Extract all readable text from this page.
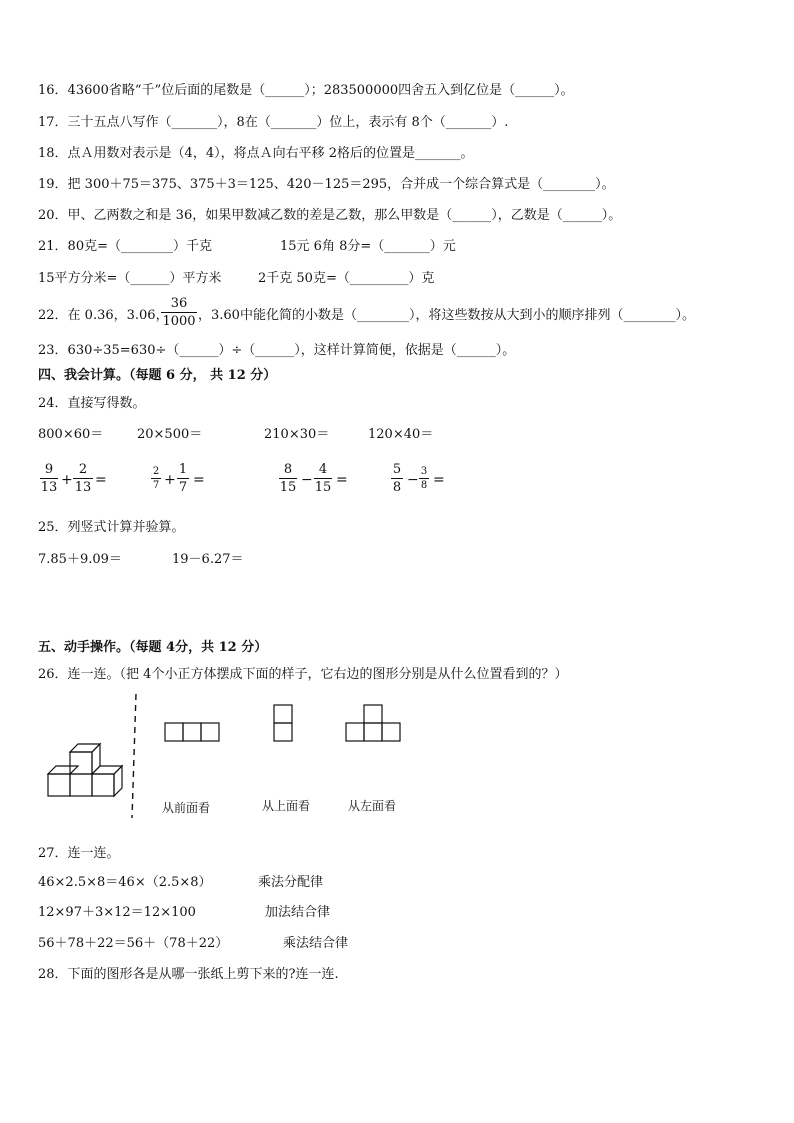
16．43600省略“千”位后面的尾数是（______）；283500000四舍五入到亿位是（______）。
17．三十五点八写作（_______），8在（_______）位上，表示有 8个（_______）.
18．点Ａ用数对表示是（4，4），将点Ａ向右平移 2格后的位置是_______。
19．把 300＋75＝375、375＋3＝125、420－125＝295，合并成一个综合算式是（________）。
20．甲、乙两数之和是 36，如果甲数减乙数的差是乙数，那么甲数是（______），乙数是（______）。
21．80克=（________）千克	15元 6角 8分=（_______）元
15平方分米=（______）平方米	2千克 50克=（_________）克
22．在 0.36，3.06，
36
1000 ，3.60中能化简的小数是（________），将这些数按从大到小的顺序排列（________）。
23．630÷35=630÷（______）÷（______），这样计算简便，依据是（______）。
四、我会计算。（每题 6 分， 共 12 分）
24．直接写得数。
800×60＝	20×500＝	210×30＝	120×40＝
9
13 +
2
13 =
2
7 +
1
7 =
8
15 −
4
15 =
5
8 −
3
8 =
25．列竖式计算并验算。
7.85＋9.09＝	19－6.27＝
五、动手操作。（每题 4分，共 12 分）
26．连一连。（把 4个小正方体摆成下面的样子，它右边的图形分别是从什么位置看到的？）
从前面看	从上面看	从左面看
27．连一连。
46×2.5×8＝46×（2.5×8）
12×97＋3×12＝12×100
56＋78＋22＝56＋（78＋22）
乘法分配律
加法结合律
乘法结合律
28．下面的图形各是从哪一张纸上剪下来的?连一连.
